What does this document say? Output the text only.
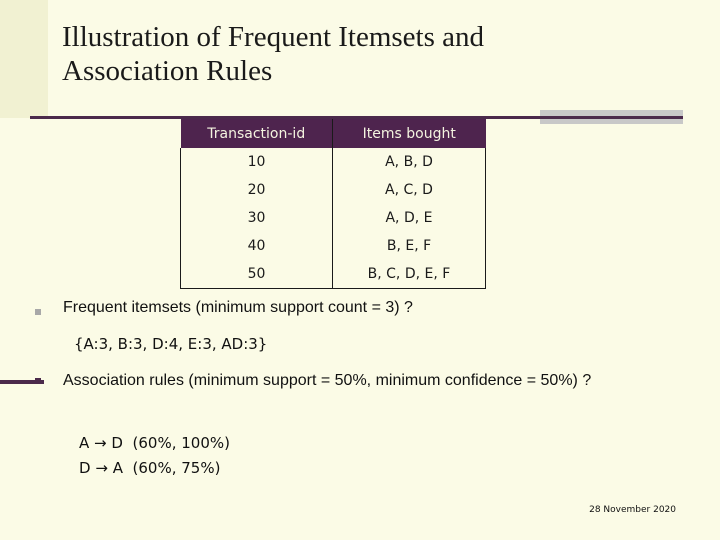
Illustration of Frequent Itemsets and
Association Rules
Transaction-id	Items bought
10	A, B, D
20	A, C, D
30	A, D, E
40	B, E, F
50	B, C, D, E, F
Frequent itemsets (minimum support count = 3) ?
{A:3, B:3, D:4, E:3, AD:3}
Association rules (minimum support = 50%, minimum confidence = 50%) ?
A → D (60%, 100%)
D → A (60%, 75%)
28 November 2020
